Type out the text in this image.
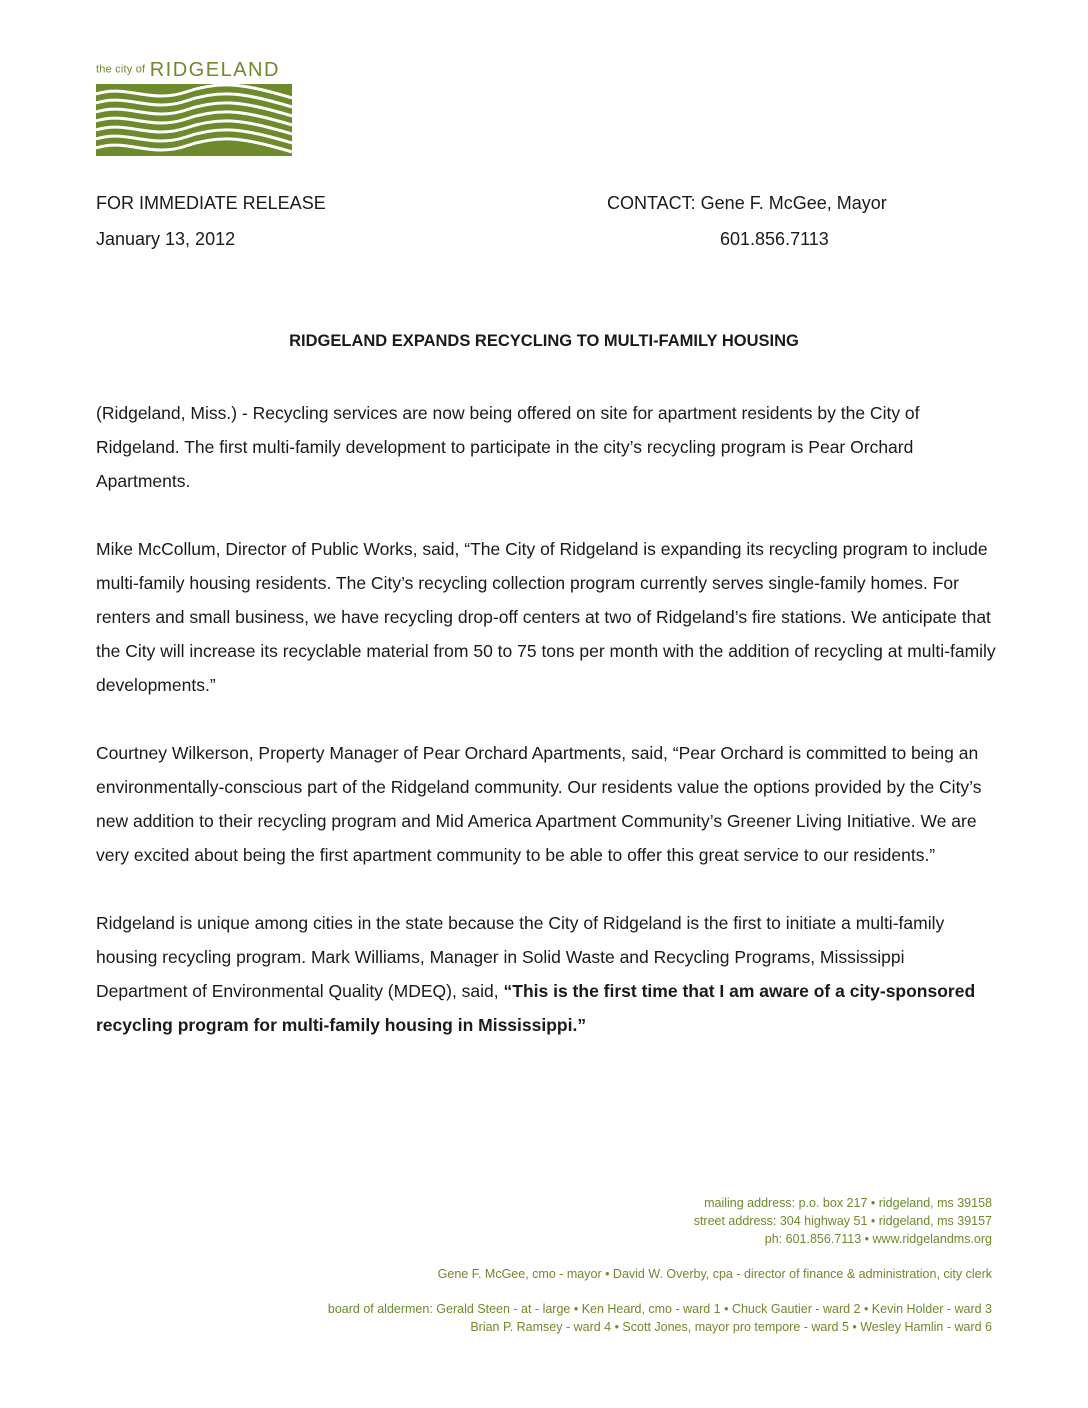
the city of RIDGELAND
FOR IMMEDIATE RELEASE
January 13, 2012
CONTACT: Gene F. McGee, Mayor
601.856.7113
RIDGELAND EXPANDS RECYCLING TO MULTI-FAMILY HOUSING

(Ridgeland, Miss.) - Recycling services are now being offered on site for apartment residents by the City of Ridgeland. The first multi-family development to participate in the city’s recycling program is Pear Orchard Apartments.

Mike McCollum, Director of Public Works, said, “The City of Ridgeland is expanding its recycling program to include multi-family housing residents. The City’s recycling collection program currently serves single-family homes. For renters and small business, we have recycling drop-off centers at two of Ridgeland’s fire stations. We anticipate that the City will increase its recyclable material from 50 to 75 tons per month with the addition of recycling at multi-family developments.”

Courtney Wilkerson, Property Manager of Pear Orchard Apartments, said, “Pear Orchard is committed to being an environmentally-conscious part of the Ridgeland community. Our residents value the options provided by the City’s new addition to their recycling program and Mid America Apartment Community’s Greener Living Initiative. We are very excited about being the first apartment community to be able to offer this great service to our residents.”

Ridgeland is unique among cities in the state because the City of Ridgeland is the first to initiate a multi-family housing recycling program. Mark Williams, Manager in Solid Waste and Recycling Programs, Mississippi Department of Environmental Quality (MDEQ), said, “This is the first time that I am aware of a city-sponsored recycling program for multi-family housing in Mississippi.”

mailing address: p.o. box 217 • ridgeland, ms 39158
street address: 304 highway 51 • ridgeland, ms 39157
ph: 601.856.7113 • www.ridgelandms.org
Gene F. McGee, cmo - mayor • David W. Overby, cpa - director of finance & administration, city clerk
board of aldermen: Gerald Steen - at - large • Ken Heard, cmo - ward 1 • Chuck Gautier - ward 2 • Kevin Holder - ward 3
Brian P. Ramsey - ward 4 • Scott Jones, mayor pro tempore - ward 5 • Wesley Hamlin - ward 6
